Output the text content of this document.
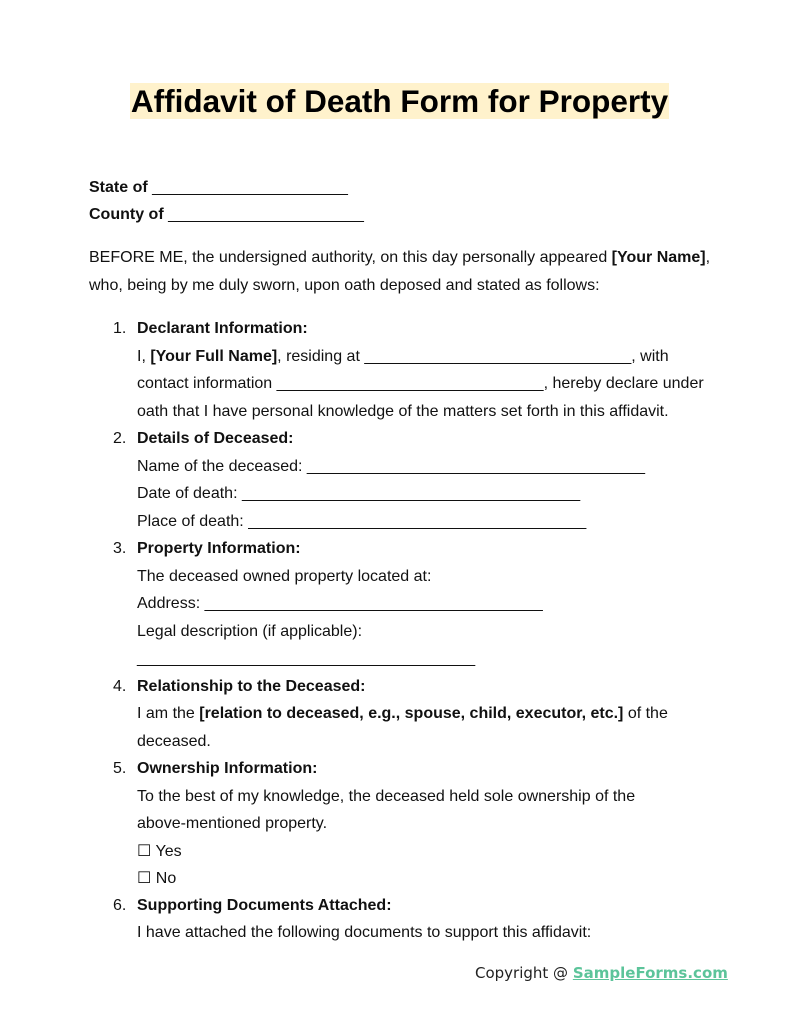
Affidavit of Death Form for Property
State of ______________________
County of ______________________
BEFORE ME, the undersigned authority, on this day personally appeared [Your Name], who, being by me duly sworn, upon oath deposed and stated as follows:
1. Declarant Information:
I, [Your Full Name], residing at ______________________________, with contact information ______________________________, hereby declare under oath that I have personal knowledge of the matters set forth in this affidavit.
2. Details of Deceased:
Name of the deceased: ______________________________________
Date of death: ______________________________________
Place of death: ______________________________________
3. Property Information:
The deceased owned property located at:
Address: ______________________________________
Legal description (if applicable):
______________________________________
4. Relationship to the Deceased:
I am the [relation to deceased, e.g., spouse, child, executor, etc.] of the deceased.
5. Ownership Information:
To the best of my knowledge, the deceased held sole ownership of the above-mentioned property.
☐ Yes
☐ No
6. Supporting Documents Attached:
I have attached the following documents to support this affidavit:
Copyright @ SampleForms.com
